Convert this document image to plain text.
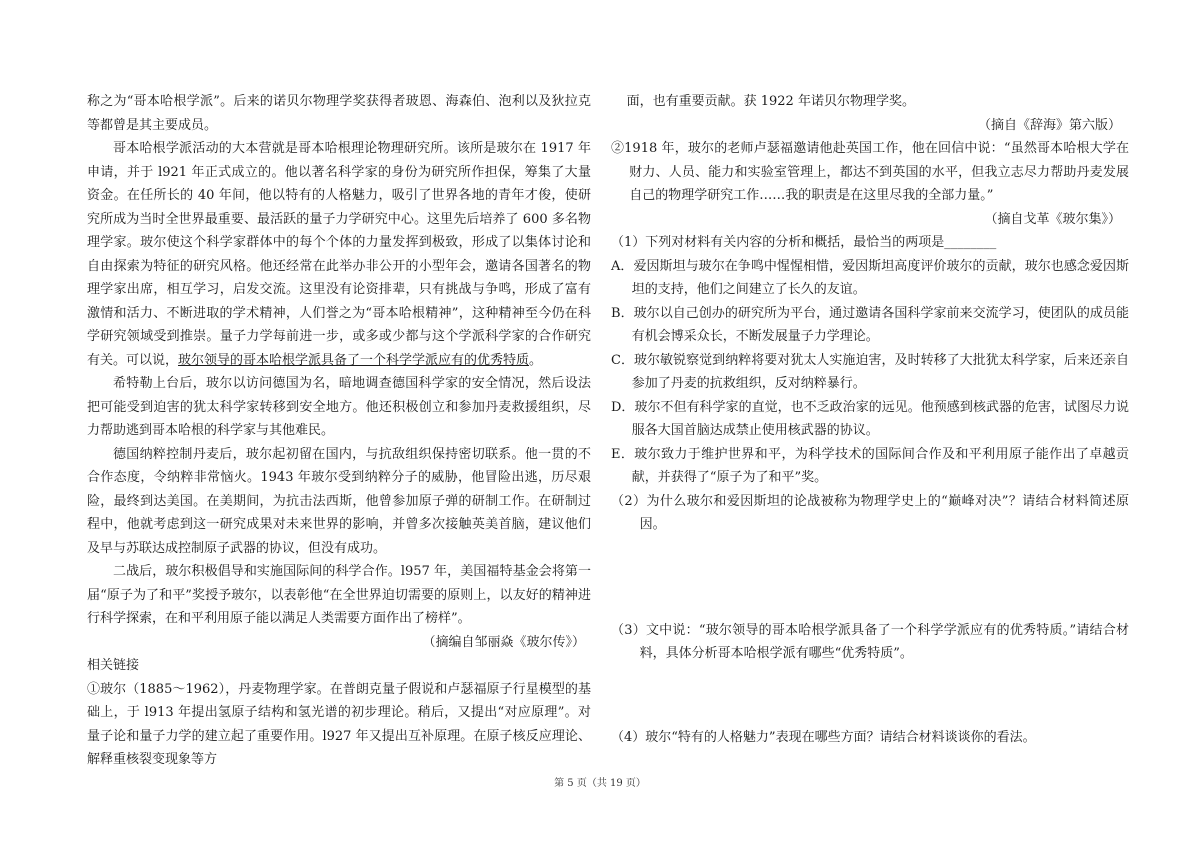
称之为“哥本哈根学派”。后来的诺贝尔物理学奖获得者玻恩、海森伯、泡利以及狄拉克等都曾是其主要成员。

哥本哈根学派活动的大本营就是哥本哈根理论物理研究所。该所是玻尔在 1917 年申请，并于 l921 年正式成立的。他以著名科学家的身份为研究所作担保，筹集了大量资金。在任所长的 40 年间，他以特有的人格魅力，吸引了世界各地的青年才俊，使研究所成为当时全世界最重要、最活跃的量子力学研究中心。这里先后培养了 600 多名物理学家。玻尔使这个科学家群体中的每个个体的力量发挥到极致，形成了以集体讨论和自由探索为特征的研究风格。他还经常在此举办非公开的小型年会，邀请各国著名的物理学家出席，相互学习，启发交流。这里没有论资排辈，只有挑战与争鸣，形成了富有激情和活力、不断进取的学术精神，人们誉之为“哥本哈根精神”，这种精神至今仍在科学研究领域受到推崇。量子力学每前进一步，或多或少都与这个学派科学家的合作研究有关。可以说，玻尔领导的哥本哈根学派具备了一个科学学派应有的优秀特质。

希特勒上台后，玻尔以访问德国为名，暗地调查德国科学家的安全情况，然后设法把可能受到迫害的犹太科学家转移到安全地方。他还积极创立和参加丹麦救援组织，尽力帮助逃到哥本哈根的科学家与其他难民。

德国纳粹控制丹麦后，玻尔起初留在国内，与抗敌组织保持密切联系。他一贯的不合作态度，令纳粹非常恼火。1943 年玻尔受到纳粹分子的威胁，他冒险出逃，历尽艰险，最终到达美国。在美期间，为抗击法西斯，他曾参加原子弹的研制工作。在研制过程中，他就考虑到这一研究成果对未来世界的影响，并曾多次接触英美首脑，建议他们及早与苏联达成控制原子武器的协议，但没有成功。

二战后，玻尔积极倡导和实施国际间的科学合作。l957 年，美国福特基金会将第一届“原子为了和平”奖授予玻尔，以表彰他“在全世界迫切需要的原则上，以友好的精神进行科学探索，在和平利用原子能以满足人类需要方面作出了榜样”。

（摘编自邹丽焱《玻尔传》）

相关链接

①玻尔（1885～1962），丹麦物理学家。在普朗克量子假说和卢瑟福原子行星模型的基础上，于 l913 年提出氢原子结构和氢光谱的初步理论。稍后，又提出“对应原理”。对量子论和量子力学的建立起了重要作用。l927 年又提出互补原理。在原子核反应理论、解释重核裂变现象等方

面，也有重要贡献。获 1922 年诺贝尔物理学奖。

（摘自《辞海》第六版）

②1918 年，玻尔的老师卢瑟福邀请他赴英国工作，他在回信中说：“虽然哥本哈根大学在财力、人员、能力和实验室管理上，都达不到英国的水平，但我立志尽力帮助丹麦发展自己的物理学研究工作……我的职责是在这里尽我的全部力量。”

（摘自戈革《玻尔集》）

（1）下列对材料有关内容的分析和概括，最恰当的两项是________

A．爱因斯坦与玻尔在争鸣中惺惺相惜，爱因斯坦高度评价玻尔的贡献，玻尔也感念爱因斯坦的支持，他们之间建立了长久的友谊。

B．玻尔以自己创办的研究所为平台，通过邀请各国科学家前来交流学习，使团队的成员能有机会博采众长，不断发展量子力学理论。

C．玻尔敏锐察觉到纳粹将要对犹太人实施迫害，及时转移了大批犹太科学家，后来还亲自参加了丹麦的抗救组织，反对纳粹暴行。

D．玻尔不但有科学家的直觉，也不乏政治家的远见。他预感到核武器的危害，试图尽力说服各大国首脑达成禁止使用核武器的协议。

E．玻尔致力于维护世界和平，为科学技术的国际间合作及和平利用原子能作出了卓越贡献，并获得了“原子为了和平”奖。

（2）为什么玻尔和爱因斯坦的论战被称为物理学史上的“巅峰对决”？请结合材料简述原因。

（3）文中说：“玻尔领导的哥本哈根学派具备了一个科学学派应有的优秀特质。”请结合材料，具体分析哥本哈根学派有哪些“优秀特质”。

（4）玻尔“特有的人格魅力”表现在哪些方面？请结合材料谈谈你的看法。

第 5 页（共 19 页）
